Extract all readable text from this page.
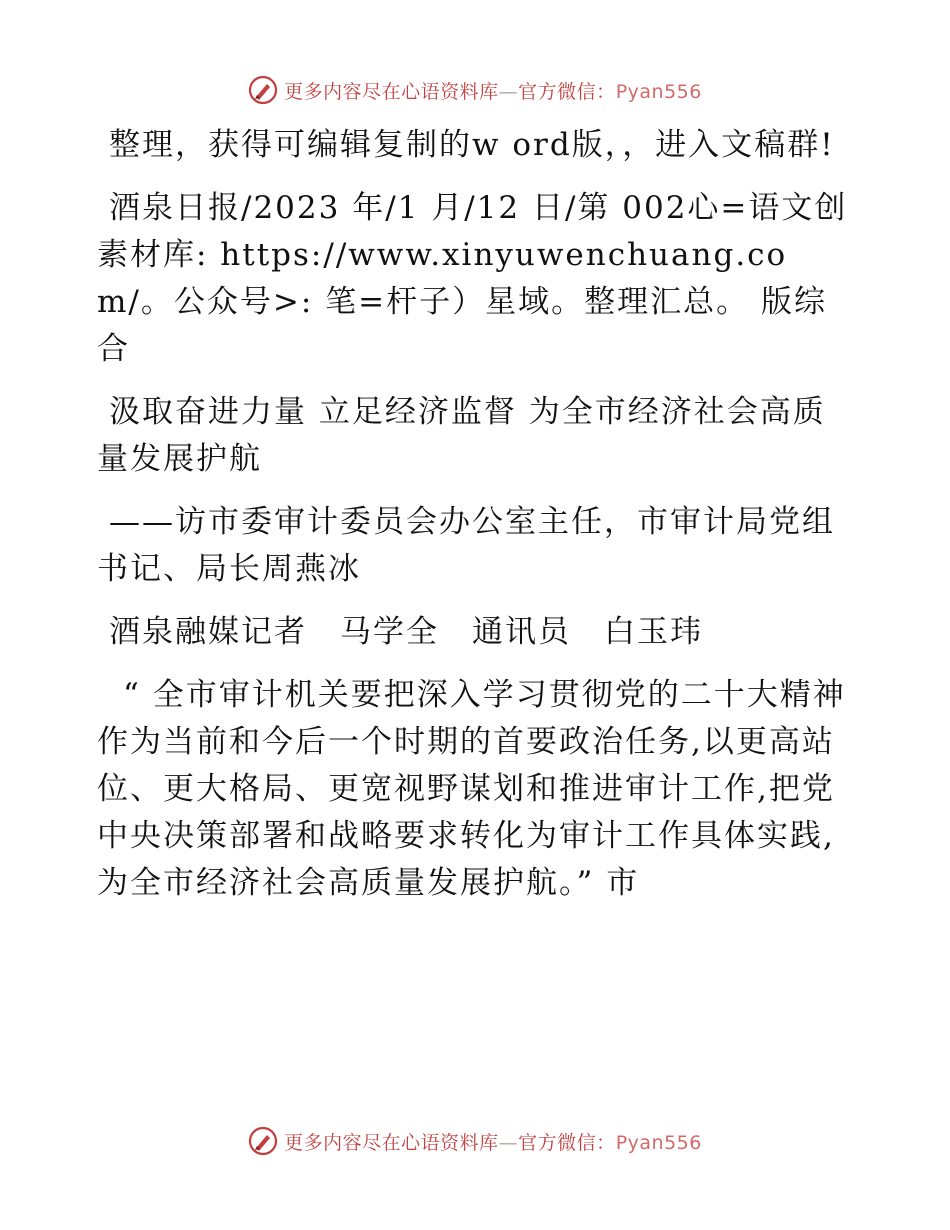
更多内容尽在心语资料库—官方微信：Pyan556

整理，获得可编辑复制的w ord版，，进入文稿群!

酒泉日报/2023 年/1 月/12 日/第 002心=语文创素材库: https://www.xinyuwenchuang.com/。公众号>: 笔=杆子）星域。整理汇总。 版综合

汲取奋进力量 立足经济监督 为全市经济社会高质量发展护航

——访市委审计委员会办公室主任，市审计局党组书记、局长周燕冰

酒泉融媒记者　马学全　通讯员　白玉玮

“ 全市审计机关要把深入学习贯彻党的二十大精神作为当前和今后一个时期的首要政治任务,以更高站位、更大格局、更宽视野谋划和推进审计工作,把党中央决策部署和战略要求转化为审计工作具体实践,为全市经济社会高质量发展护航。” 市

更多内容尽在心语资料库—官方微信：Pyan556
